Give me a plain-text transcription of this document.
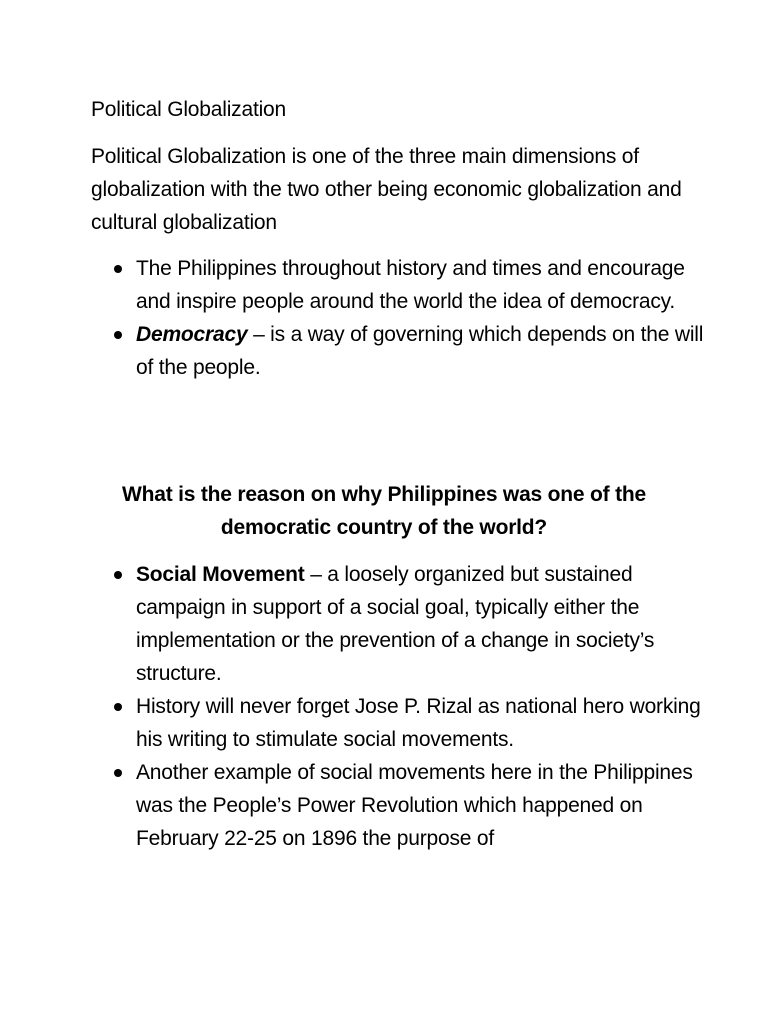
Political Globalization

Political Globalization is one of the three main dimensions of globalization with the two other being economic globalization and cultural globalization

The Philippines throughout history and times and encourage and inspire people around the world the idea of democracy.
Democracy – is a way of governing which depends on the will of the people.

What is the reason on why Philippines was one of the democratic country of the world?

Social Movement – a loosely organized but sustained campaign in support of a social goal, typically either the implementation or the prevention of a change in society’s structure.
History will never forget Jose P. Rizal as national hero working his writing to stimulate social movements.
Another example of social movements here in the Philippines was the People’s Power Revolution which happened on February 22-25 on 1896 the purpose of
